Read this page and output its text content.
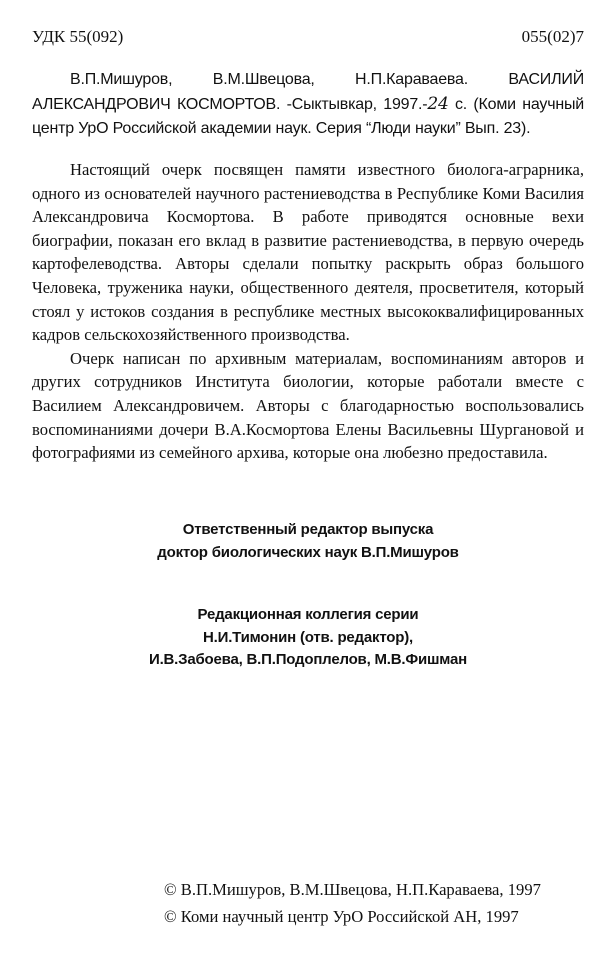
УДК 55(092)	055(02)7
В.П.Мишуров, В.М.Швецова, Н.П.Караваева. ВАСИЛИЙ АЛЕКСАНДРОВИЧ КОСМОРТОВ. -Сыктывкар, 1997.-24 с. (Коми научный центр УрО Российской академии наук. Серия “Люди науки” Вып. 23).

Настоящий очерк посвящен памяти известного биолога-аграрника, одного из основателей научного растениеводства в Республике Коми Василия Александровича Космортова. В работе приводятся основные вехи биографии, показан его вклад в развитие растениеводства, в первую очередь картофелеводства. Авторы сделали попытку раскрыть образ большого Человека, труженика науки, общественного деятеля, просветителя, который стоял у истоков создания в республике местных высококвалифицированных кадров сельскохозяйственного производства.

Очерк написан по архивным материалам, воспоминаниям авторов и других сотрудников Института биологии, которые работали вместе с Василием Александровичем. Авторы с благодарностью воспользовались воспоминаниями дочери В.А.Космортова Елены Васильевны Шургановой и фотографиями из семейного архива, которые она любезно предоставила.

Ответственный редактор выпуска
доктор биологических наук В.П.Мишуров
Редакционная коллегия серии
Н.И.Тимонин (отв. редактор),
И.В.Забоева, В.П.Подоплелов, М.В.Фишман
© В.П.Мишуров, В.М.Швецова, Н.П.Караваева, 1997
© Коми научный центр УрО Российской АН, 1997
